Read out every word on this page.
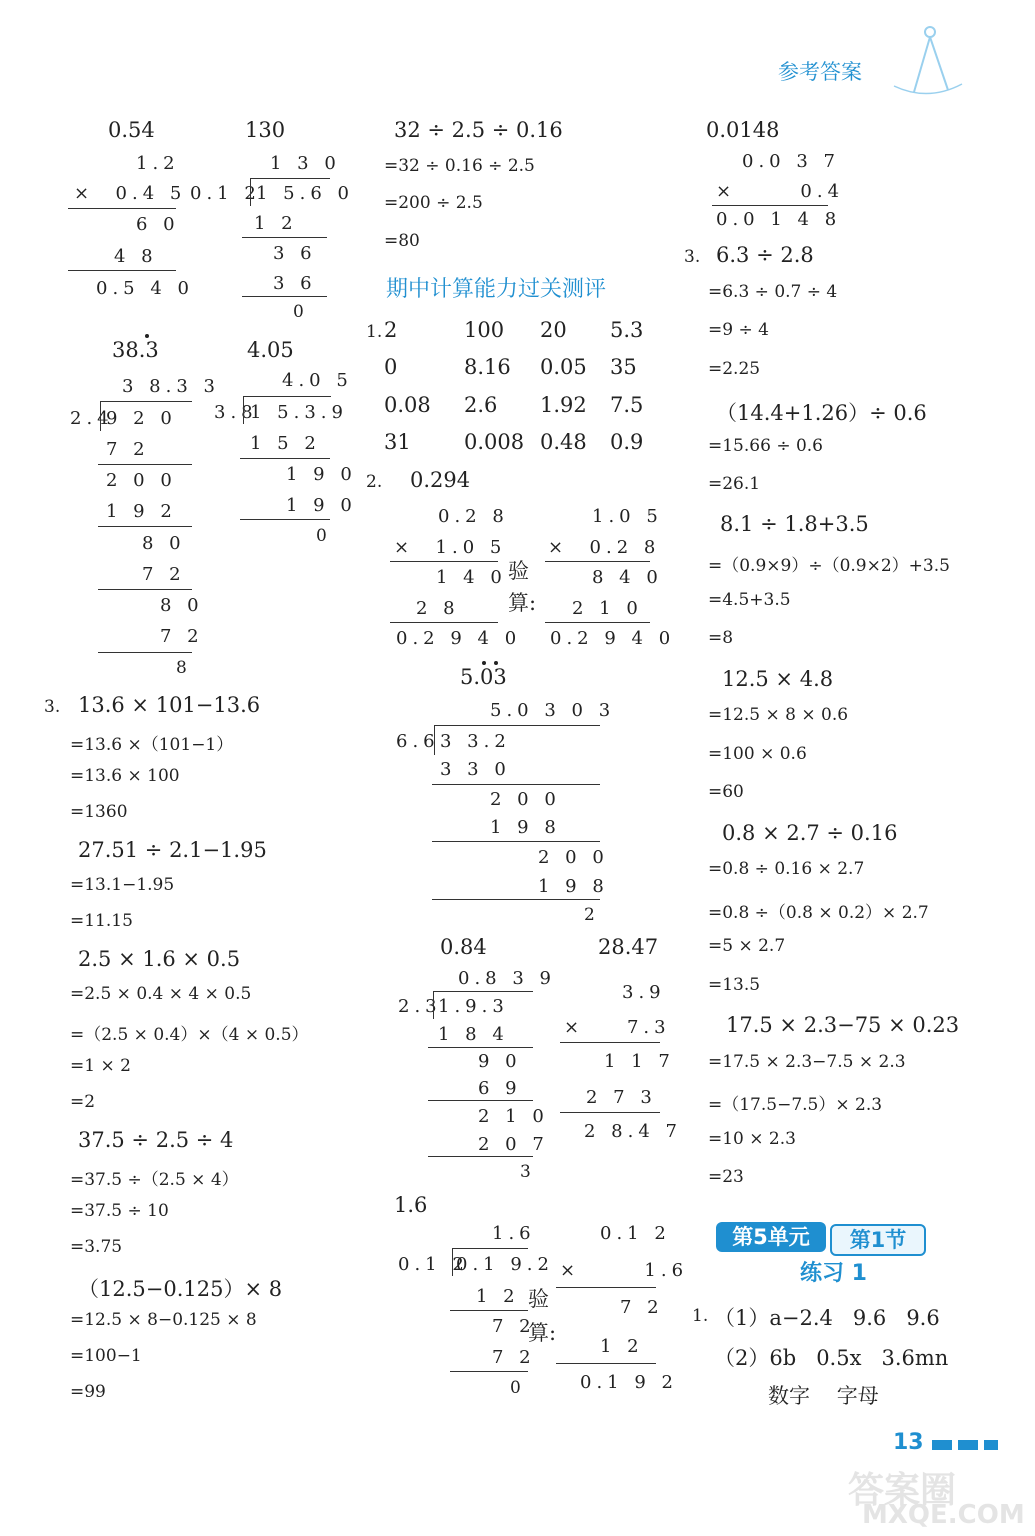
参考答案
0.54	130
1.2
×  0.4 5
6 0
4 8
0.5 4 0
1 3 0
0.1 2
1 5.6 0
1 2
3 6
3 6
0
38.3	4.05
3 8.3 3
2.4
9 2 0
7 2
2 0 0
1 9 2
8 0
7 2
8 0
7 2
8
4.0 5
3.8
1 5.3.9
1 5 2
1 9 0
1 9 0
0
3. 13.6 × 101−13.6
=13.6 ×（101−1）
=13.6 × 100
=1360
27.51 ÷ 2.1−1.95
=13.1−1.95
=11.15
2.5 × 1.6 × 0.5
=2.5 × 0.4 × 4 × 0.5
=（2.5 × 0.4）×（4 × 0.5）
=1 × 2
=2
37.5 ÷ 2.5 ÷ 4
=37.5 ÷（2.5 × 4）
=37.5 ÷ 10
=3.75
（12.5−0.125）× 8
=12.5 × 8−0.125 × 8
=100−1
=99
32 ÷ 2.5 ÷ 0.16
=32 ÷ 0.16 ÷ 2.5
=200 ÷ 2.5
=80
期中计算能力过关测评
1. 2	100 20 5.3
0	8.16 0.05 35
0.08 2.6 1.92 7.5
31	0.008 0.48 0.9
2. 0.294
0.2 8
×  1.0 5
1 4 0
2 8
0.2 9 4 0
验算:
1.0 5
×  0.2 8
8 4 0
2 1 0
0.2 9 4 0
5.03
5.0 3 0 3
6.6 3 3.2
3 3 0
2 0 0
1 9 8
2 0 0
1 9 8
2
0.84	28.47
0.8 3 9
2.3
1.9.3
1 8 4
9 0
6 9
2 1 0
2 0 7
3
3.9
×    7.3
1 1 7
2 7 3
2 8.4 7
1.6
1.6
0.1 2
0.1 9.2
1 2
7 2
7 2
0
验算:
0.1 2
×      1.6
7 2
1 2
0.1 9 2
0.0148
0.0 3 7
×      0.4
0.0 1 4 8
3. 6.3 ÷ 2.8
=6.3 ÷ 0.7 ÷ 4
=9 ÷ 4
=2.25
（14.4+1.26）÷ 0.6
=15.66 ÷ 0.6
=26.1
8.1 ÷ 1.8+3.5
=（0.9×9）÷（0.9×2）+3.5
=4.5+3.5
=8
12.5 × 4.8
=12.5 × 8 × 0.6
=100 × 0.6
=60
0.8 × 2.7 ÷ 0.16
=0.8 ÷ 0.16 × 2.7
=0.8 ÷（0.8 × 0.2）× 2.7
=5 × 2.7
=13.5
17.5 × 2.3−75 × 0.23
=17.5 × 2.3−7.5 × 2.3
=（17.5−7.5）× 2.3
=10 × 2.3
=23
第5单元	第1节
练习 1
1. （1）a−2.4   9.6   9.6
（2）6b   0.5x   3.6mn
数字    字母
13
答案圈
MXQE.COM
